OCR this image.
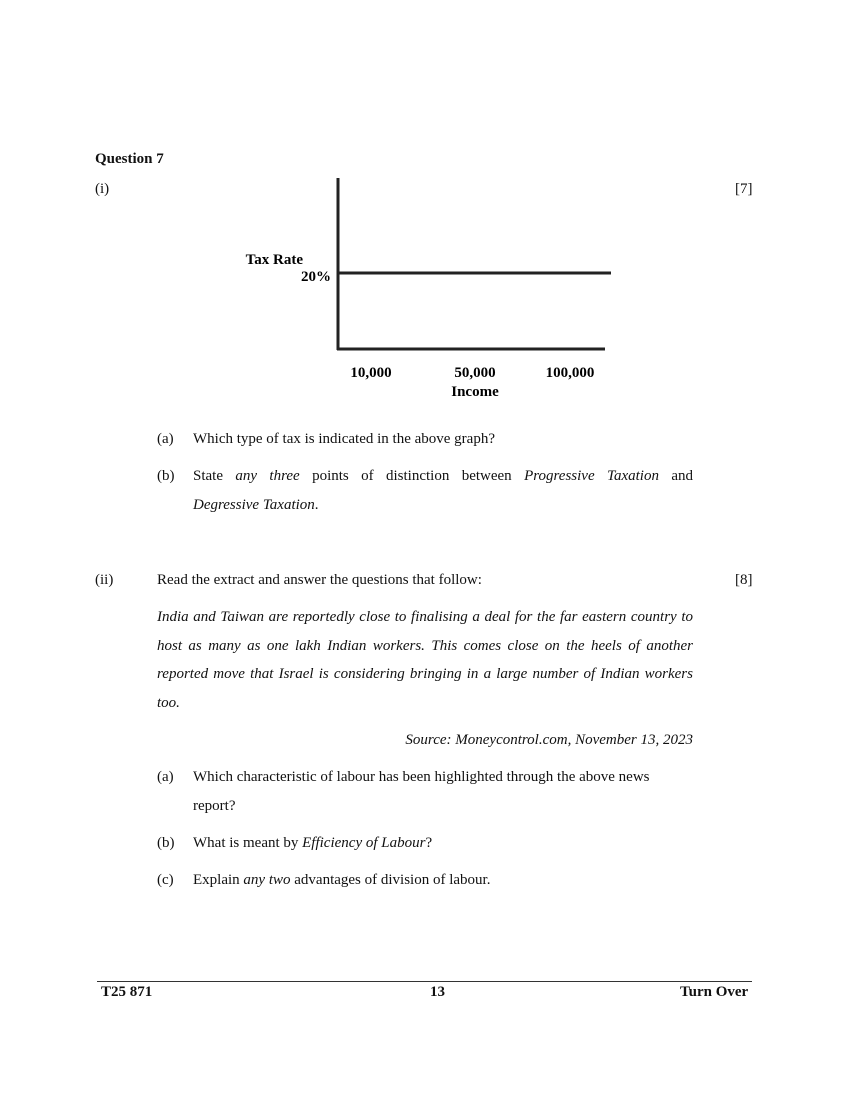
Question 7
(i)	[7]
Tax Rate
20%
10,000	50,000	100,000
Income
(a) Which type of tax is indicated in the above graph?
(b) State any three points of distinction between Progressive Taxation and
Degressive Taxation.
(ii)	Read the extract and answer the questions that follow:	[8]
India and Taiwan are reportedly close to finalising a deal for the far eastern country to host as many as one lakh Indian workers. This comes close on the heels of another reported move that Israel is considering bringing in a large number of Indian workers too.
Source: Moneycontrol.com, November 13, 2023
(a) Which characteristic of labour has been highlighted through the above news report?
(b) What is meant by Efficiency of Labour?
(c) Explain any two advantages of division of labour.
T25 871	13	Turn Over
